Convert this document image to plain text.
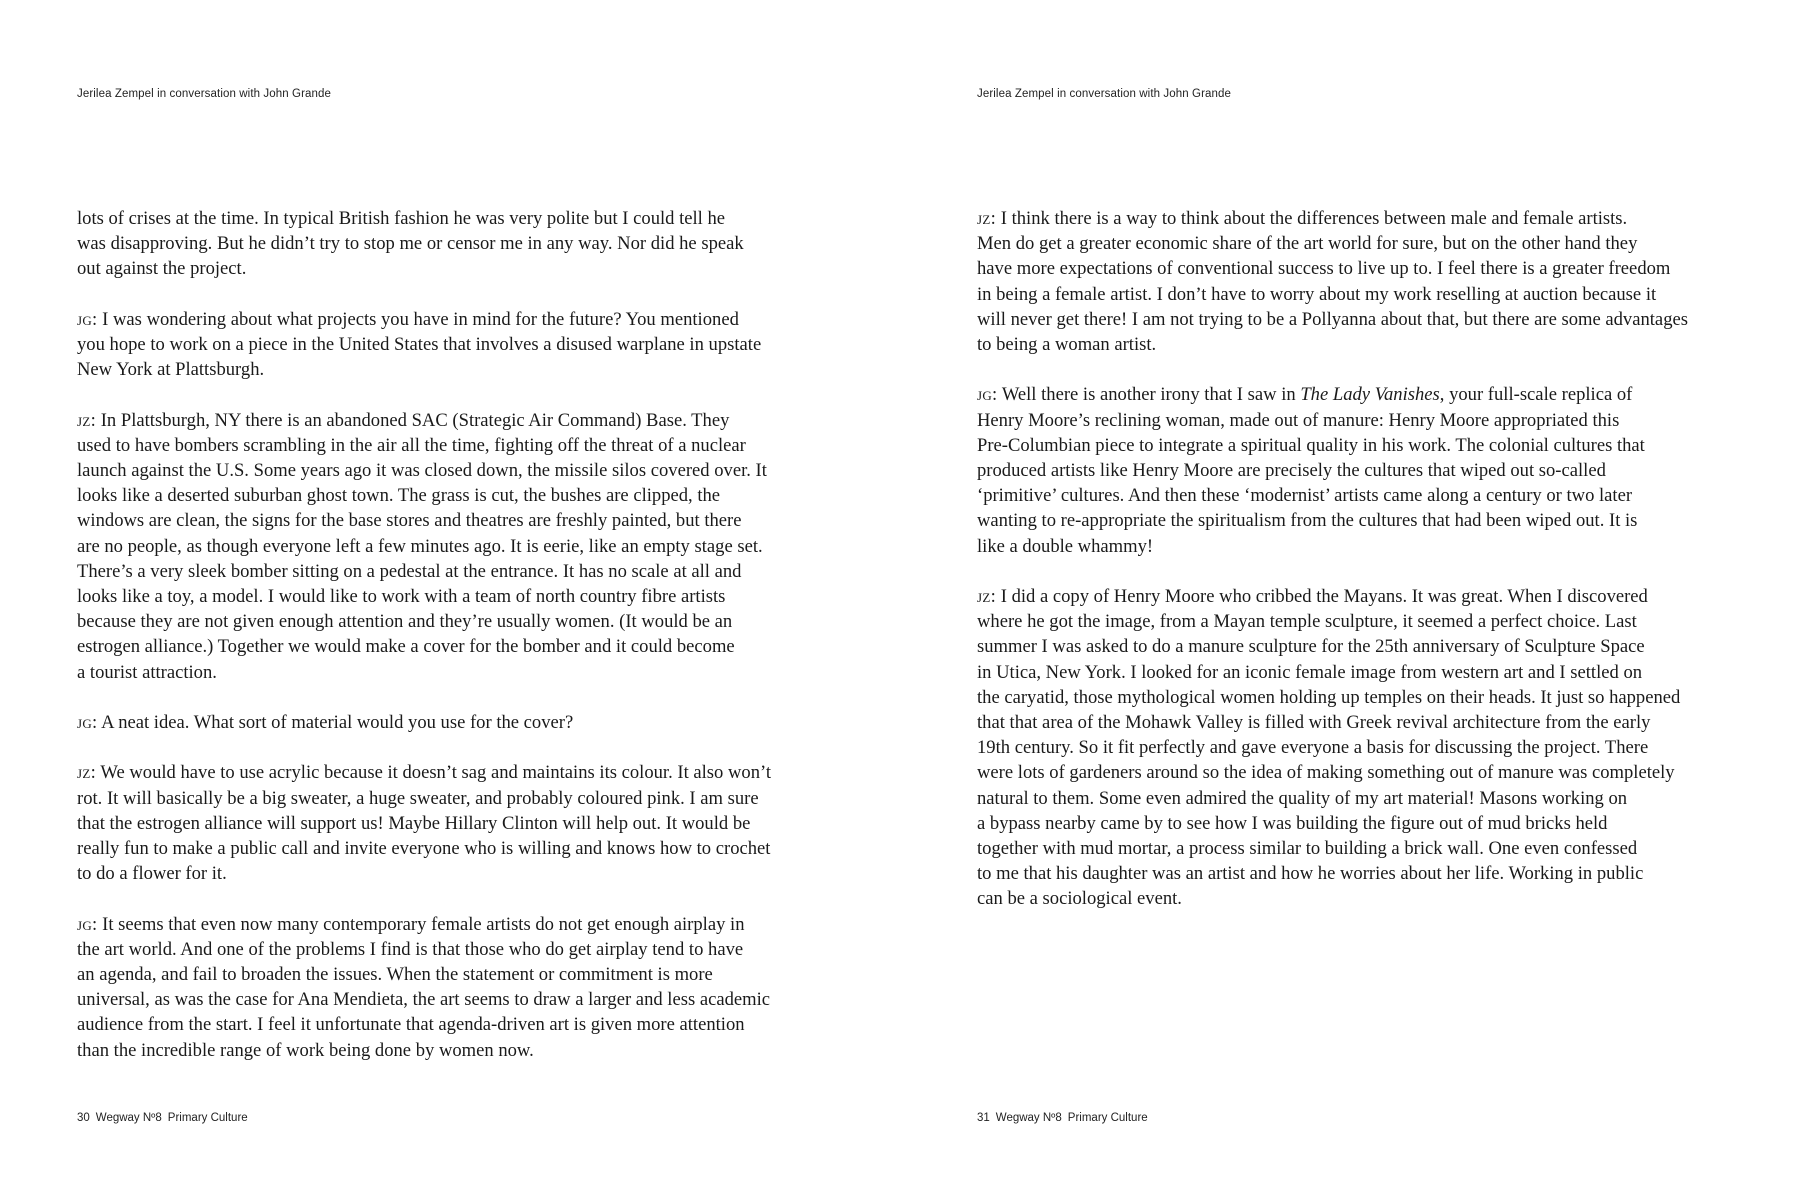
Jerilea Zempel in conversation with John Grande

lots of crises at the time. In typical British fashion he was very polite but I could tell he
was disapproving. But he didn’t try to stop me or censor me in any way. Nor did he speak
out against the project.

jg: I was wondering about what projects you have in mind for the future? You mentioned
you hope to work on a piece in the United States that involves a disused warplane in upstate
New York at Plattsburgh.

jz: In Plattsburgh, NY there is an abandoned SAC (Strategic Air Command) Base. They
used to have bombers scrambling in the air all the time, fighting off the threat of a nuclear
launch against the U.S. Some years ago it was closed down, the missile silos covered over. It
looks like a deserted suburban ghost town. The grass is cut, the bushes are clipped, the
windows are clean, the signs for the base stores and theatres are freshly painted, but there
are no people, as though everyone left a few minutes ago. It is eerie, like an empty stage set.
There’s a very sleek bomber sitting on a pedestal at the entrance. It has no scale at all and
looks like a toy, a model. I would like to work with a team of north country fibre artists
because they are not given enough attention and they’re usually women. (It would be an
estrogen alliance.) Together we would make a cover for the bomber and it could become
a tourist attraction.

jg: A neat idea. What sort of material would you use for the cover?

jz: We would have to use acrylic because it doesn’t sag and maintains its colour. It also won’t
rot. It will basically be a big sweater, a huge sweater, and probably coloured pink. I am sure
that the estrogen alliance will support us! Maybe Hillary Clinton will help out. It would be
really fun to make a public call and invite everyone who is willing and knows how to crochet
to do a flower for it.

jg: It seems that even now many contemporary female artists do not get enough airplay in
the art world. And one of the problems I find is that those who do get airplay tend to have
an agenda, and fail to broaden the issues. When the statement or commitment is more
universal, as was the case for Ana Mendieta, the art seems to draw a larger and less academic
audience from the start. I feel it unfortunate that agenda-driven art is given more attention
than the incredible range of work being done by women now.

30 Wegway Nº8 Primary Culture
Jerilea Zempel in conversation with John Grande

jz: I think there is a way to think about the differences between male and female artists.
Men do get a greater economic share of the art world for sure, but on the other hand they
have more expectations of conventional success to live up to. I feel there is a greater freedom
in being a female artist. I don’t have to worry about my work reselling at auction because it
will never get there! I am not trying to be a Pollyanna about that, but there are some advantages
to being a woman artist.

jg: Well there is another irony that I saw in The Lady Vanishes, your full-scale replica of
Henry Moore’s reclining woman, made out of manure: Henry Moore appropriated this
Pre-Columbian piece to integrate a spiritual quality in his work. The colonial cultures that
produced artists like Henry Moore are precisely the cultures that wiped out so-called
‘primitive’ cultures. And then these ‘modernist’ artists came along a century or two later
wanting to re-appropriate the spiritualism from the cultures that had been wiped out. It is
like a double whammy!

jz: I did a copy of Henry Moore who cribbed the Mayans. It was great. When I discovered
where he got the image, from a Mayan temple sculpture, it seemed a perfect choice. Last
summer I was asked to do a manure sculpture for the 25th anniversary of Sculpture Space
in Utica, New York. I looked for an iconic female image from western art and I settled on
the caryatid, those mythological women holding up temples on their heads. It just so happened
that that area of the Mohawk Valley is filled with Greek revival architecture from the early
19th century. So it fit perfectly and gave everyone a basis for discussing the project. There
were lots of gardeners around so the idea of making something out of manure was completely
natural to them. Some even admired the quality of my art material! Masons working on
a bypass nearby came by to see how I was building the figure out of mud bricks held
together with mud mortar, a process similar to building a brick wall. One even confessed
to me that his daughter was an artist and how he worries about her life. Working in public
can be a sociological event.

31 Wegway Nº8 Primary Culture
